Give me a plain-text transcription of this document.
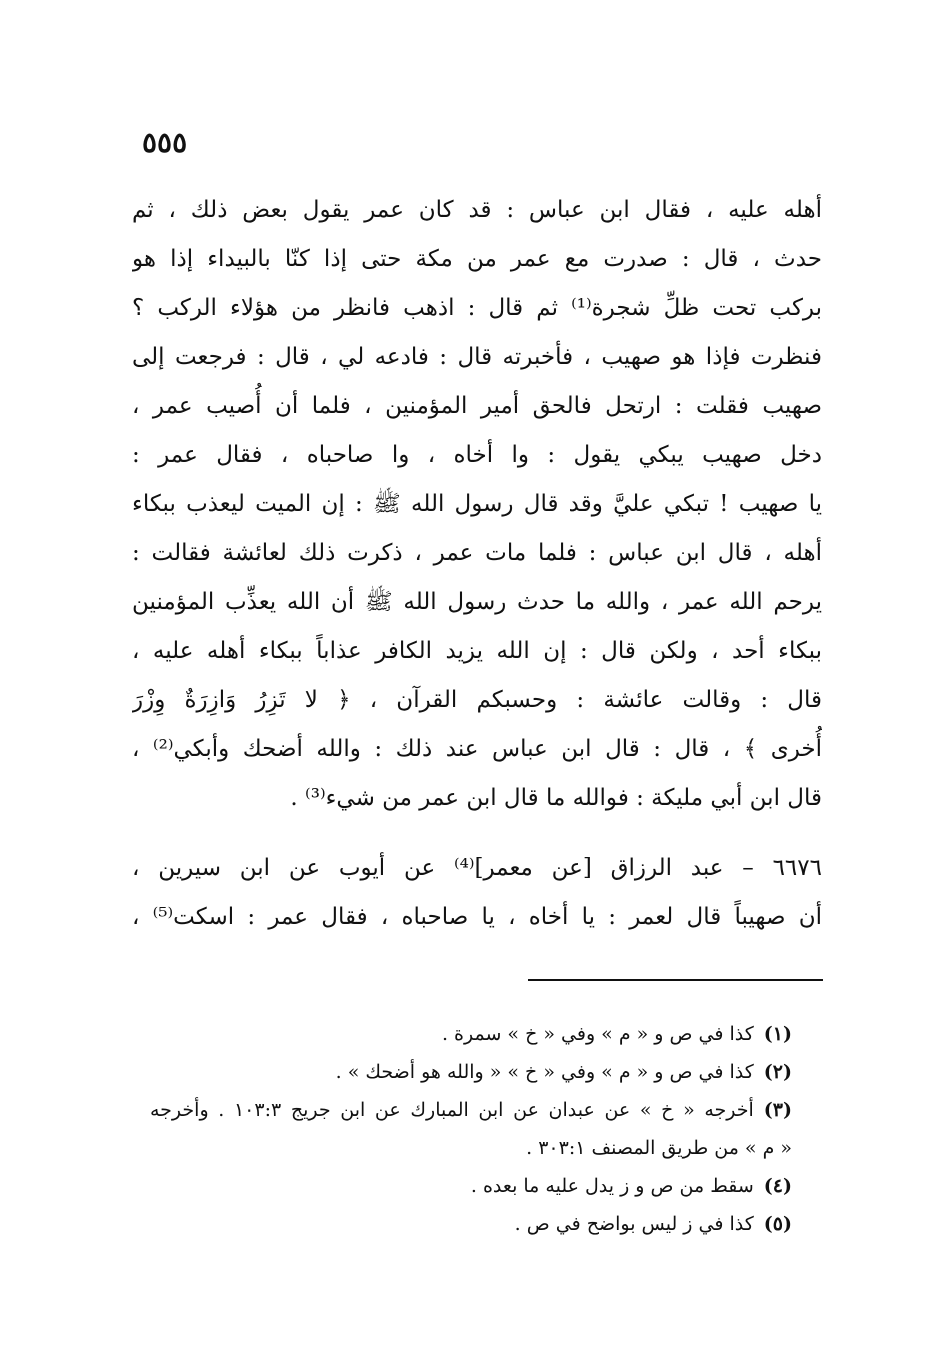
٥٥٥
أهله عليه ، فقال ابن عباس : قد كان عمر يقول بعض ذلك ، ثم
حدث ، قال : صدرت مع عمر من مكة حتى إذا كنّا بالبيداء إذا هو
بركب تحت ظلِّ شجرة⁽¹⁾ ثم قال : اذهب فانظر من هؤلاء الركب ؟
فنظرت فإذا هو صهيب ، فأخبرته قال : فادعه لي ، قال : فرجعت إلى
صهيب فقلت : ارتحل فالحق أمير المؤمنين ، فلما أن أُصيب عمر ،
دخل صهيب يبكي يقول : وا أخاه ، وا صاحباه ، فقال عمر :
يا صهيب ! تبكي عليَّ وقد قال رسول الله ﷺ : إن الميت ليعذب ببكاء
أهله ، قال ابن عباس : فلما مات عمر ، ذكرت ذلك لعائشة فقالت :
يرحم الله عمر ، والله ما حدث رسول الله ﷺ أن الله يعذِّب المؤمنين
ببكاء أحد ، ولكن قال : إن الله يزيد الكافر عذاباً ببكاء أهله عليه ،
قال : وقالت عائشة : وحسبكم القرآن ، ﴿ لا تَزِرُ وَازِرَةٌ وِزْرَ
أُخرى ﴾ ، قال : قال ابن عباس عند ذلك : والله أضحك وأبكي⁽²⁾ ،
قال ابن أبي مليكة : فوالله ما قال ابن عمر من شيء⁽³⁾ .
٦٦٧٦ – عبد الرزاق [عن معمر]⁽⁴⁾ عن أيوب عن ابن سيرين ،
أن صهيباً قال لعمر : يا أخاه ، يا صاحباه ، فقال عمر : اسكت⁽⁵⁾ ،
(١)كذا في ص و « م » وفي « خ » سمرة .
(٢)كذا في ص و « م » وفي « خ » « والله هو أضحك » .
(٣)أخرجه « خ » عن عبدان عن ابن المبارك عن ابن جريج ١٠٣:٣ . وأخرجه
« م » من طريق المصنف ٣٠٣:١ .
(٤)سقط من ص و ز يدل عليه ما بعده .
(٥)كذا في ز ليس بواضح في ص .
